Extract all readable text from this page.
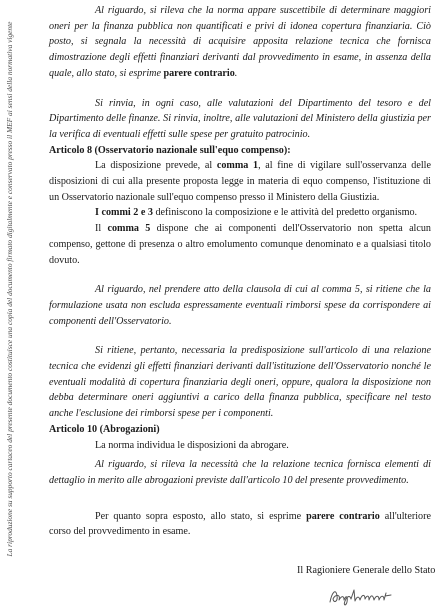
La riproduzione su supporto cartaceo del presente documento costituisce una copia del documento firmato digitalmente e conservato presso il MEF ai sensi della normativa vigente

Al riguardo, si rileva che la norma appare suscettibile di determinare maggiori oneri per la finanza pubblica non quantificati e privi di idonea copertura finanziaria. Ciò posto, si segnala la necessità di acquisire apposita relazione tecnica che fornisca dimostrazione degli effetti finanziari derivanti dal provvedimento in esame, in assenza della quale, allo stato, si esprime parere contrario.

Si rinvia, in ogni caso, alle valutazioni del Dipartimento del tesoro e del Dipartimento delle finanze. Si rinvia, inoltre, alle valutazioni del Ministero della giustizia per la verifica di eventuali effetti sulle spese per gratuito patrocinio.

Articolo 8 (Osservatorio nazionale sull'equo compenso):

La disposizione prevede, al comma 1, al fine di vigilare sull'osservanza delle disposizioni di cui alla presente proposta legge in materia di equo compenso, l'istituzione di un Osservatorio nazionale sull'equo compenso presso il Ministero della Giustizia.

I commi 2 e 3 definiscono la composizione e le attività del predetto organismo.

Il comma 5 dispone che ai componenti dell'Osservatorio non spetta alcun compenso, gettone di presenza o altro emolumento comunque denominato e a qualsiasi titolo dovuto.

Al riguardo, nel prendere atto della clausola di cui al comma 5, si ritiene che la formulazione usata non escluda espressamente eventuali rimborsi spese da corrispondere ai componenti dell'Osservatorio.

Si ritiene, pertanto, necessaria la predisposizione sull'articolo di una relazione tecnica che evidenzi gli effetti finanziari derivanti dall'istituzione dell'Osservatorio nonché le eventuali modalità di copertura finanziaria degli oneri, oppure, qualora la disposizione non debba determinare oneri aggiuntivi a carico della finanza pubblica, specificare nel testo anche l'esclusione dei rimborsi spese per i componenti.

Articolo 10 (Abrogazioni)

La norma individua le disposizioni da abrogare.

Al riguardo, si rileva la necessità che la relazione tecnica fornisca elementi di dettaglio in merito alle abrogazioni previste dall'articolo 10 del presente provvedimento.

Per quanto sopra esposto, allo stato, si esprime parere contrario all'ulteriore corso del provvedimento in esame.

Il Ragioniere Generale dello Stato
